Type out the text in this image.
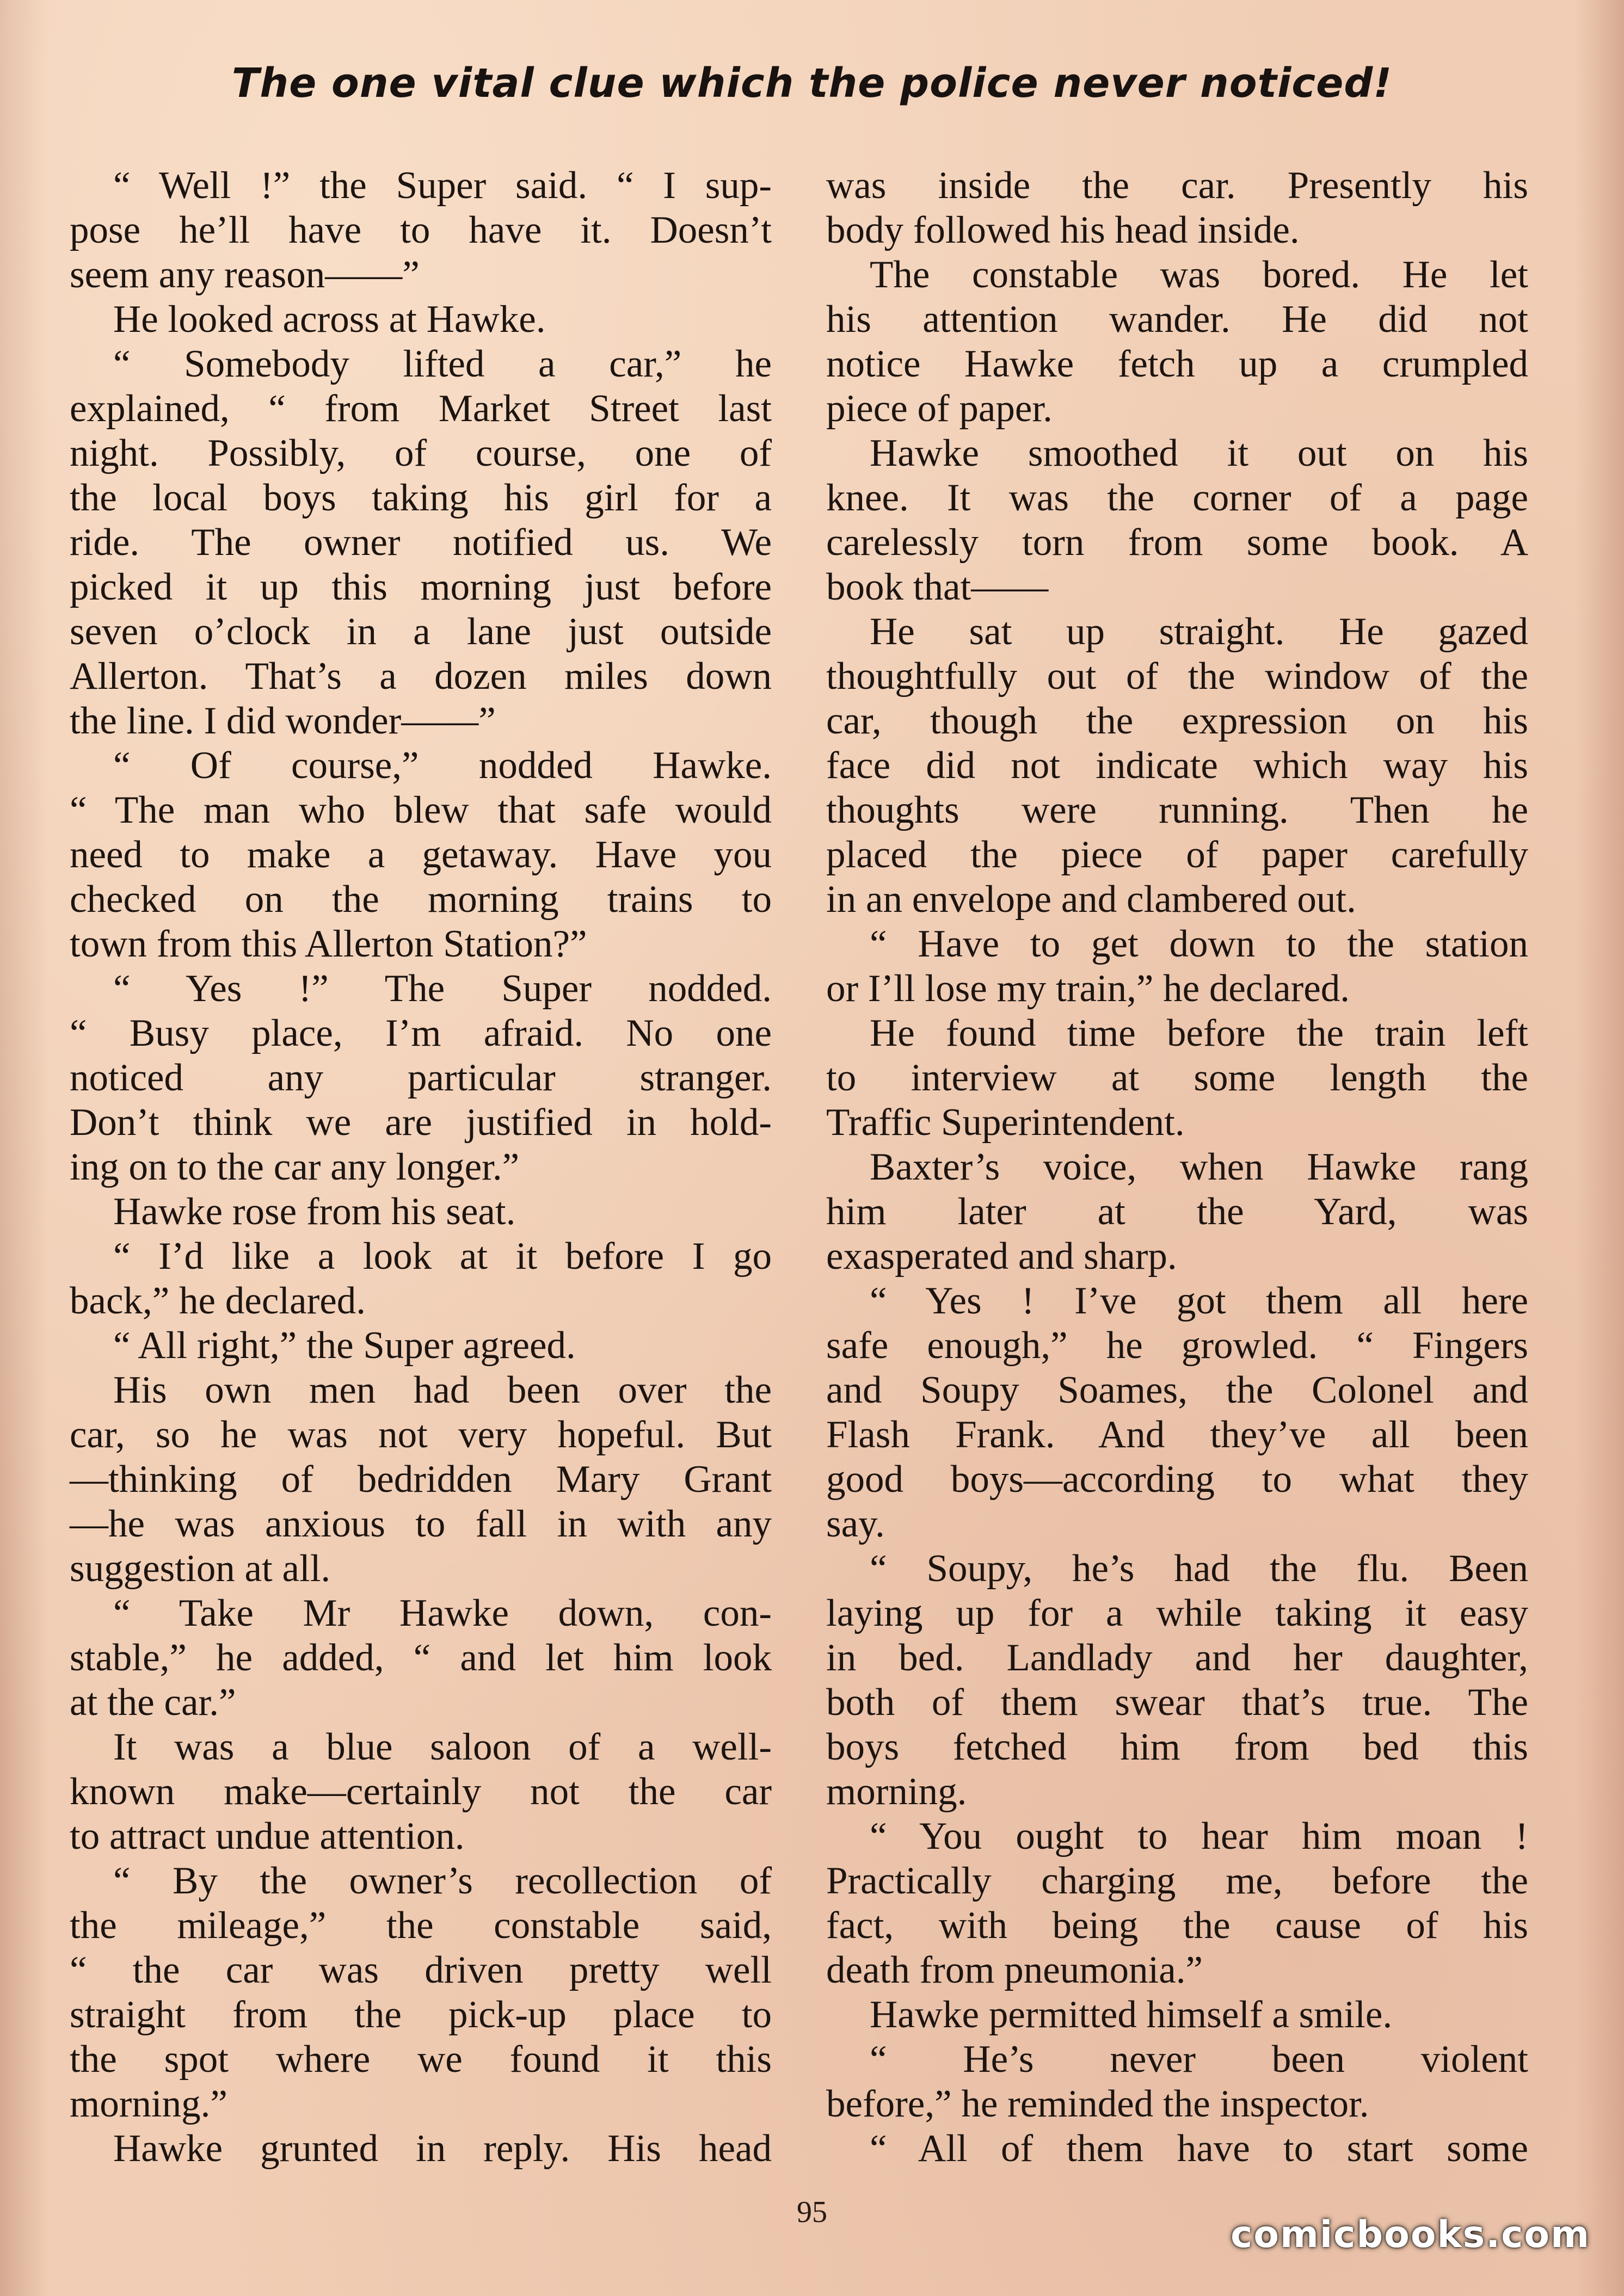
The one vital clue which the police never noticed!
“ Well !” the Super said. “ I sup-
pose he’ll have to have it. Doesn’t
seem any reason——”
He looked across at Hawke.
“ Somebody lifted a car,” he
explained, “ from Market Street last
night. Possibly, of course, one of
the local boys taking his girl for a
ride. The owner notified us. We
picked it up this morning just before
seven o’clock in a lane just outside
Allerton. That’s a dozen miles down
the line. I did wonder——”
“ Of course,” nodded Hawke.
“ The man who blew that safe would
need to make a getaway. Have you
checked on the morning trains to
town from this Allerton Station?”
“ Yes !” The Super nodded.
“ Busy place, I’m afraid. No one
noticed any particular stranger.
Don’t think we are justified in hold-
ing on to the car any longer.”
Hawke rose from his seat.
“ I’d like a look at it before I go
back,” he declared.
“ All right,” the Super agreed.
His own men had been over the
car, so he was not very hopeful. But
—thinking of bedridden Mary Grant
—he was anxious to fall in with any
suggestion at all.
“ Take Mr Hawke down, con-
stable,” he added, “ and let him look
at the car.”
It was a blue saloon of a well-
known make—certainly not the car
to attract undue attention.
“ By the owner’s recollection of
the mileage,” the constable said,
“ the car was driven pretty well
straight from the pick-up place to
the spot where we found it this
morning.”
Hawke grunted in reply. His head
was inside the car. Presently his
body followed his head inside.
The constable was bored. He let
his attention wander. He did not
notice Hawke fetch up a crumpled
piece of paper.
Hawke smoothed it out on his
knee. It was the corner of a page
carelessly torn from some book. A
book that——
He sat up straight. He gazed
thoughtfully out of the window of the
car, though the expression on his
face did not indicate which way his
thoughts were running. Then he
placed the piece of paper carefully
in an envelope and clambered out.
“ Have to get down to the station
or I’ll lose my train,” he declared.
He found time before the train left
to interview at some length the
Traffic Superintendent.
Baxter’s voice, when Hawke rang
him later at the Yard, was
exasperated and sharp.
“ Yes ! I’ve got them all here
safe enough,” he growled. “ Fingers
and Soupy Soames, the Colonel and
Flash Frank. And they’ve all been
good boys—according to what they
say.
“ Soupy, he’s had the flu. Been
laying up for a while taking it easy
in bed. Landlady and her daughter,
both of them swear that’s true. The
boys fetched him from bed this
morning.
“ You ought to hear him moan !
Practically charging me, before the
fact, with being the cause of his
death from pneumonia.”
Hawke permitted himself a smile.
“ He’s never been violent
before,” he reminded the inspector.
“ All of them have to start some
95
comicbooks.com
